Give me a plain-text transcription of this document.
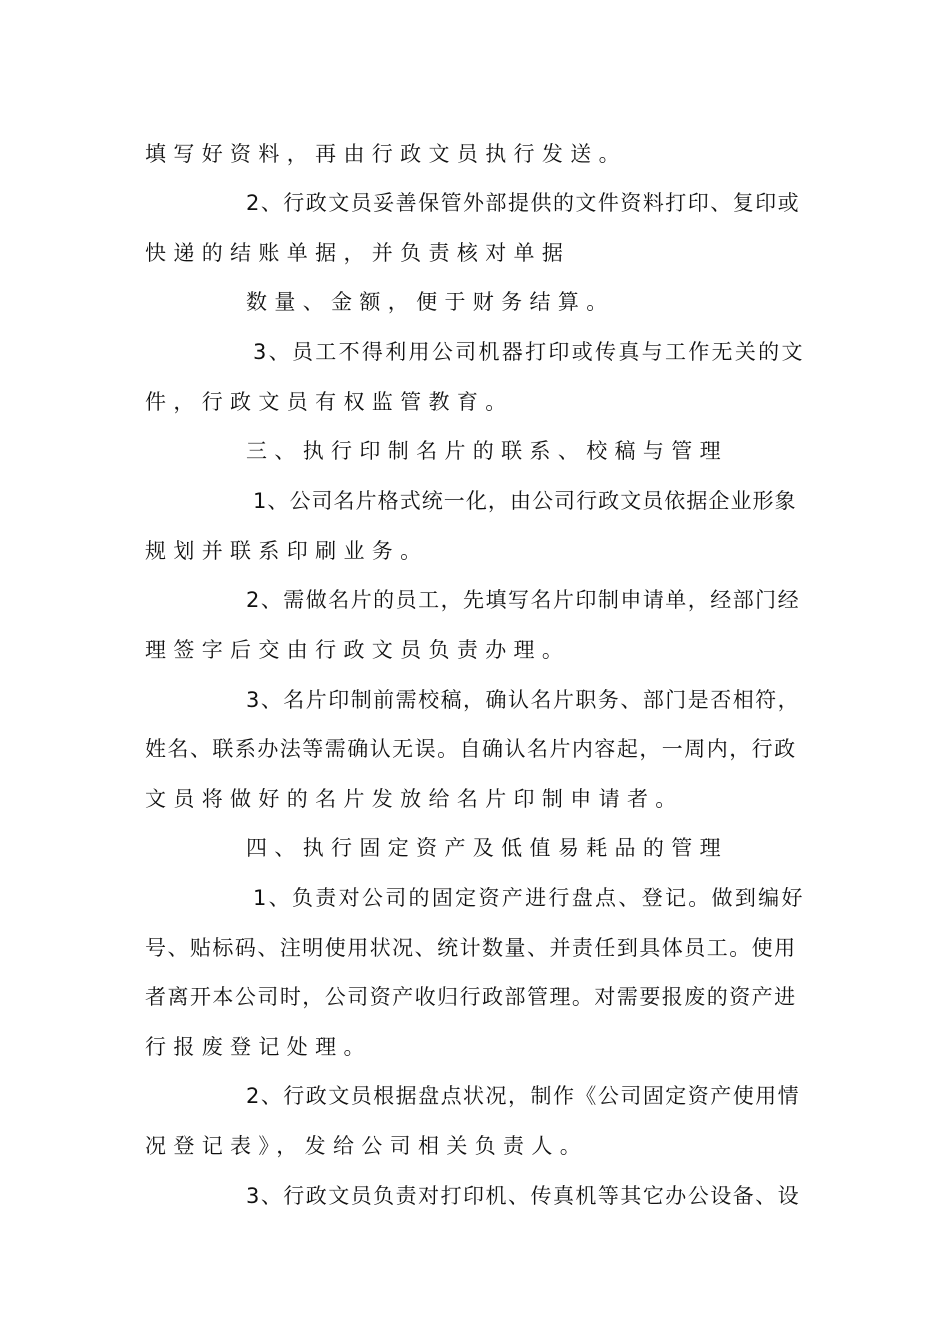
填写好资料，再由行政文员执行发送。
2、行政文员妥善保管外部提供的文件资料打印、复印或
快递的结账单据，并负责核对单据
数量、金额，便于财务结算。
3、员工不得利用公司机器打印或传真与工作无关的文
件，行政文员有权监管教育。
三、执行印制名片的联系、校稿与管理
1、公司名片格式统一化，由公司行政文员依据企业形象
规划并联系印刷业务。
2、需做名片的员工，先填写名片印制申请单，经部门经
理签字后交由行政文员负责办理。
3、名片印制前需校稿，确认名片职务、部门是否相符，
姓名、联系办法等需确认无误。自确认名片内容起，一周内，行政
文员将做好的名片发放给名片印制申请者。
四、执行固定资产及低值易耗品的管理
1、负责对公司的固定资产进行盘点、登记。做到编好
号、贴标码、注明使用状况、统计数量、并责任到具体员工。使用
者离开本公司时，公司资产收归行政部管理。对需要报废的资产进
行报废登记处理。
2、行政文员根据盘点状况，制作《公司固定资产使用情
况登记表》，发给公司相关负责人。
3、行政文员负责对打印机、传真机等其它办公设备、设
